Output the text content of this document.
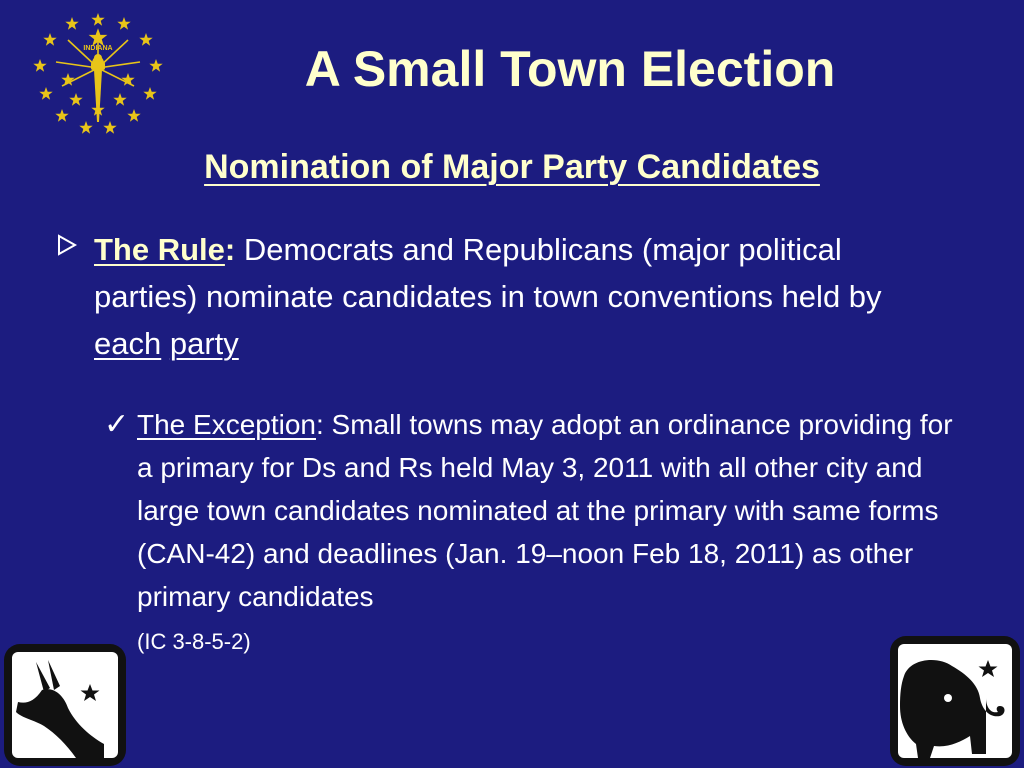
INDIANA	A Small Town Election
Nomination of Major Party Candidates
The Rule: Democrats and Republicans (major political parties) nominate candidates in town conventions held by each party
✓ The Exception: Small towns may adopt an ordinance providing for a primary for Ds and Rs held May 3, 2011 with all other city and large town candidates nominated at the primary with same forms (CAN-42) and deadlines (Jan. 19–noon Feb 18, 2011) as other primary candidates
(IC 3-8-5-2)
